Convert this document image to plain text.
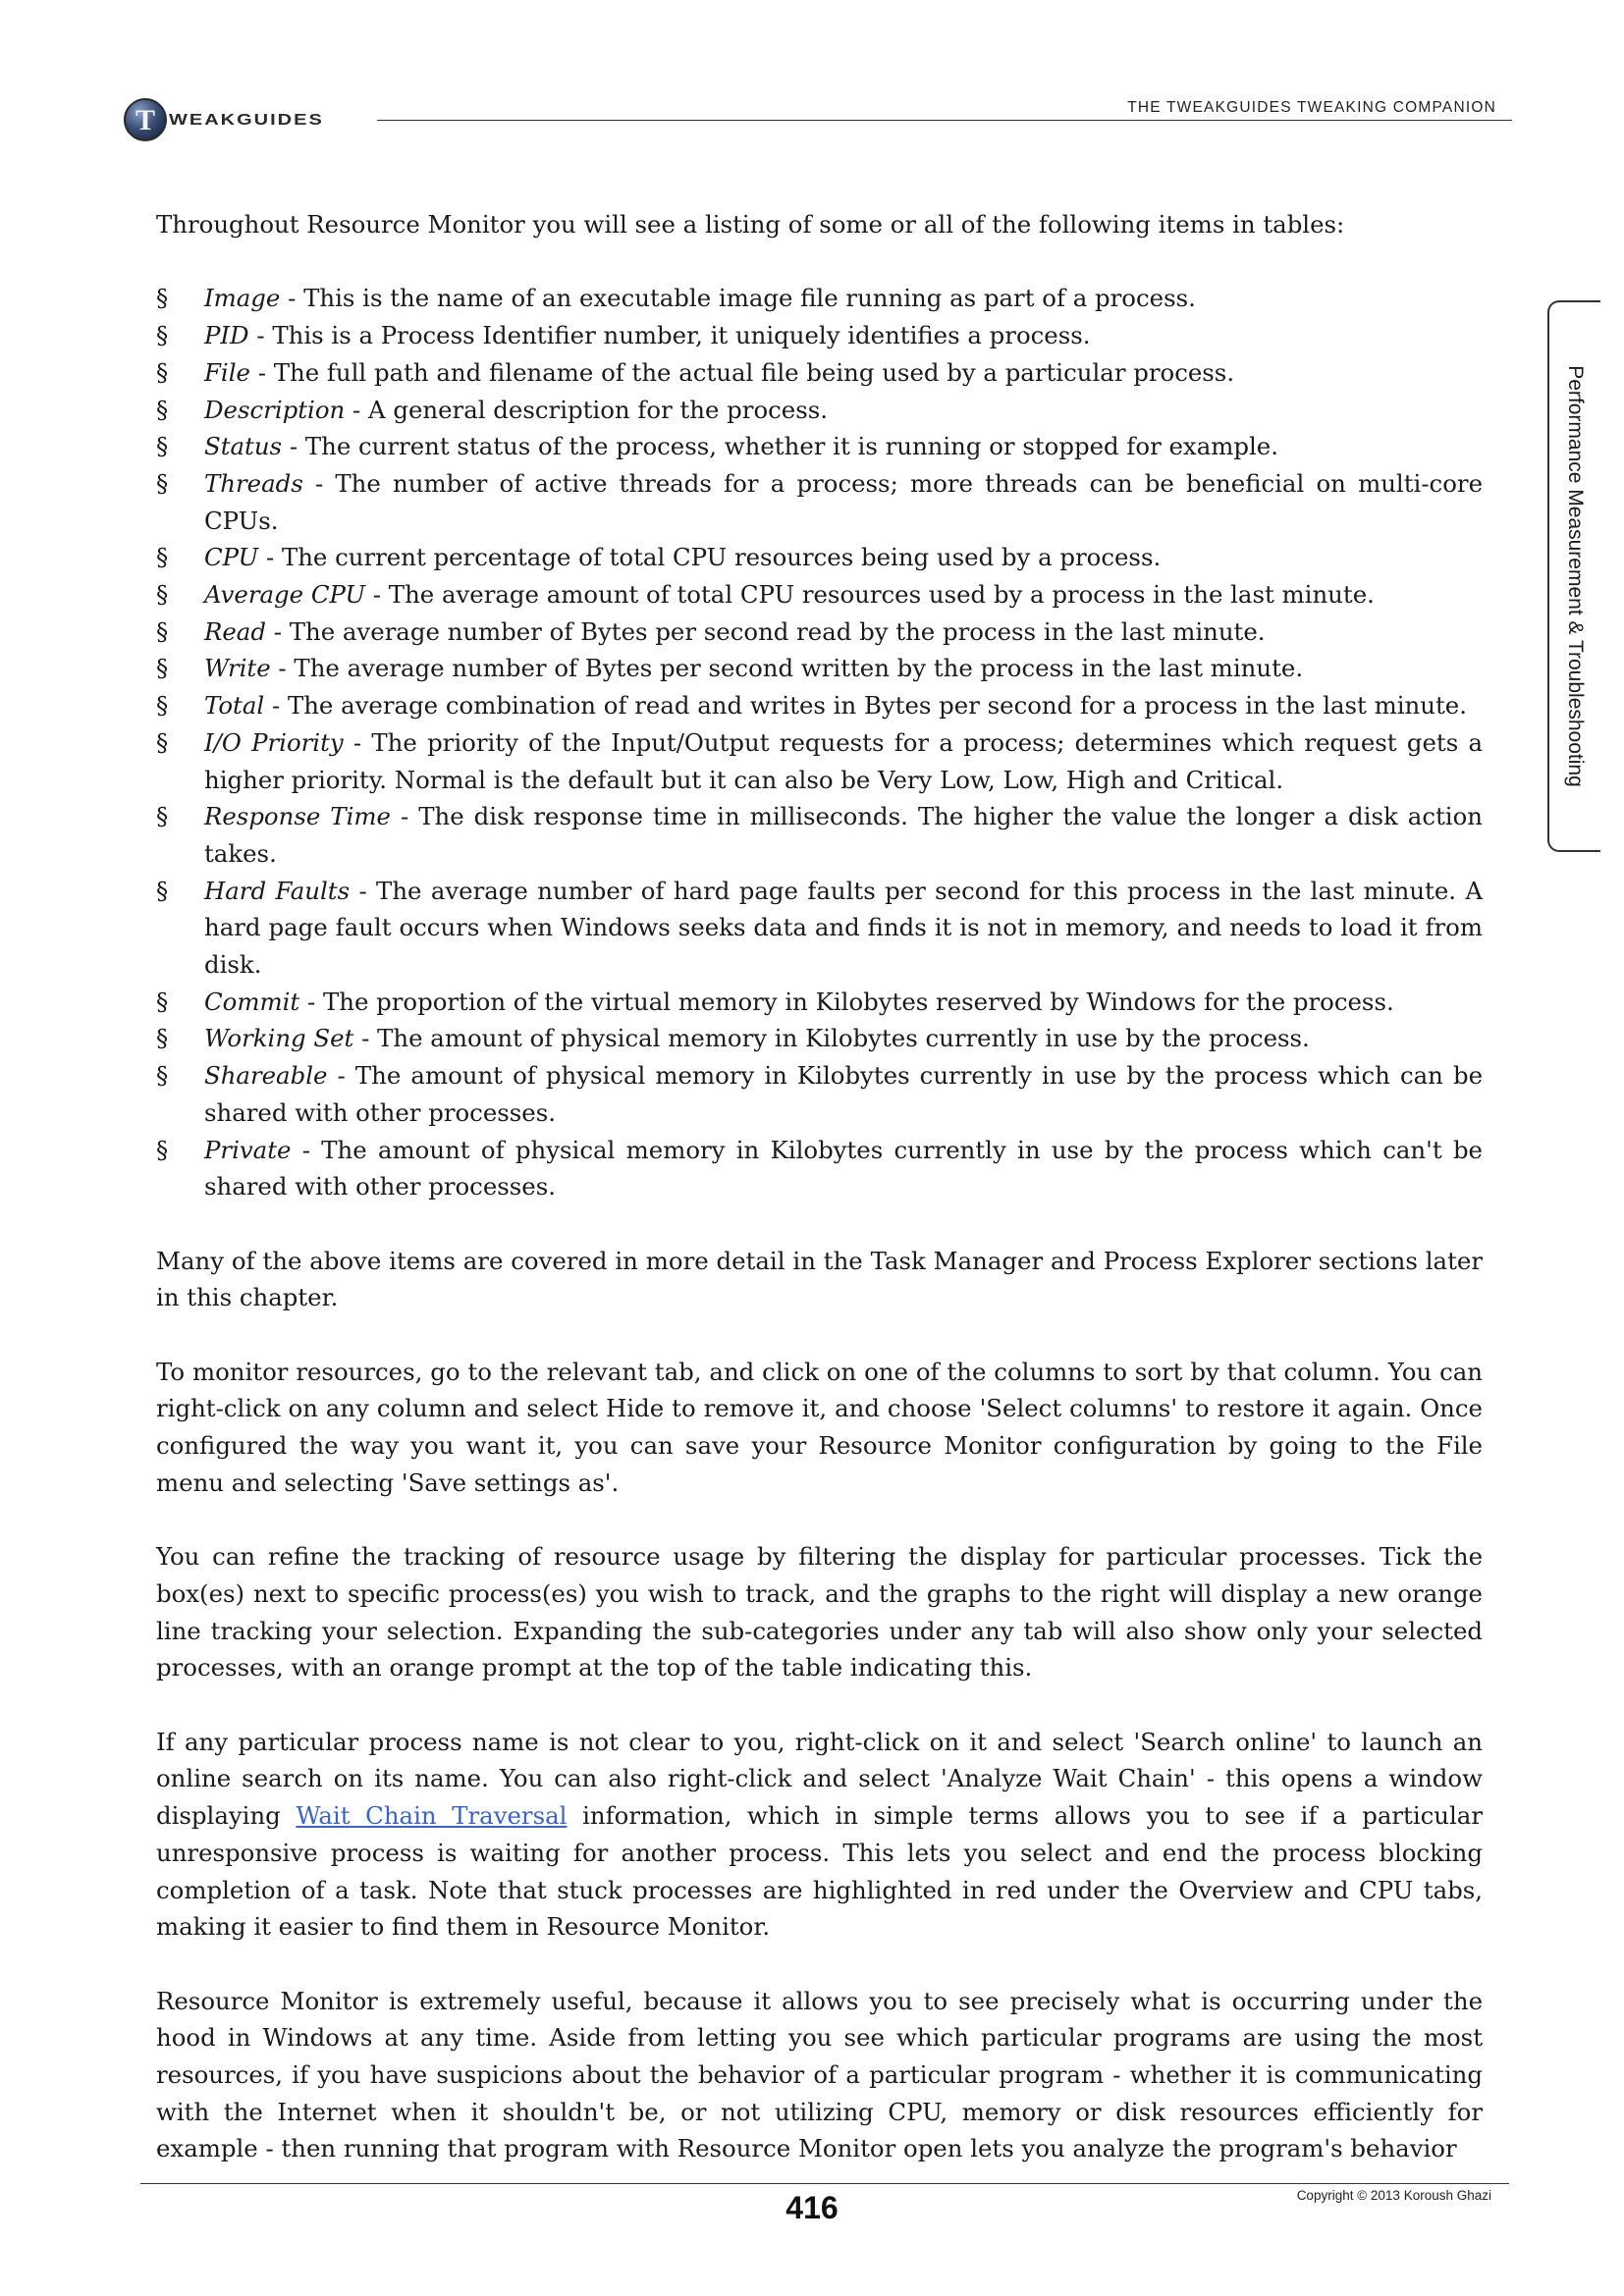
T WEAKGUIDES
THE TWEAKGUIDES TWEAKING COMPANION
Performance Measurement & Troubleshooting

Throughout Resource Monitor you will see a listing of some or all of the following items in tables:

§ Image - This is the name of an executable image file running as part of a process.
§ PID - This is a Process Identifier number, it uniquely identifies a process.
§ File - The full path and filename of the actual file being used by a particular process.
§ Description - A general description for the process.
§ Status - The current status of the process, whether it is running or stopped for example.
§ Threads - The number of active threads for a process; more threads can be beneficial on multi-core CPUs.
§ CPU - The current percentage of total CPU resources being used by a process.
§ Average CPU - The average amount of total CPU resources used by a process in the last minute.
§ Read - The average number of Bytes per second read by the process in the last minute.
§ Write - The average number of Bytes per second written by the process in the last minute.
§ Total - The average combination of read and writes in Bytes per second for a process in the last minute.
§ I/O Priority - The priority of the Input/Output requests for a process; determines which request gets a higher priority. Normal is the default but it can also be Very Low, Low, High and Critical.
§ Response Time - The disk response time in milliseconds. The higher the value the longer a disk action takes.
§ Hard Faults - The average number of hard page faults per second for this process in the last minute. A hard page fault occurs when Windows seeks data and finds it is not in memory, and needs to load it from disk.
§ Commit - The proportion of the virtual memory in Kilobytes reserved by Windows for the process.
§ Working Set - The amount of physical memory in Kilobytes currently in use by the process.
§ Shareable - The amount of physical memory in Kilobytes currently in use by the process which can be shared with other processes.
§ Private - The amount of physical memory in Kilobytes currently in use by the process which can't be shared with other processes.

Many of the above items are covered in more detail in the Task Manager and Process Explorer sections later in this chapter.

To monitor resources, go to the relevant tab, and click on one of the columns to sort by that column. You can right-click on any column and select Hide to remove it, and choose 'Select columns' to restore it again. Once configured the way you want it, you can save your Resource Monitor configuration by going to the File menu and selecting 'Save settings as'.

You can refine the tracking of resource usage by filtering the display for particular processes. Tick the box(es) next to specific process(es) you wish to track, and the graphs to the right will display a new orange line tracking your selection. Expanding the sub-categories under any tab will also show only your selected processes, with an orange prompt at the top of the table indicating this.

If any particular process name is not clear to you, right-click on it and select 'Search online' to launch an online search on its name. You can also right-click and select 'Analyze Wait Chain' - this opens a window displaying Wait Chain Traversal information, which in simple terms allows you to see if a particular unresponsive process is waiting for another process. This lets you select and end the process blocking completion of a task. Note that stuck processes are highlighted in red under the Overview and CPU tabs, making it easier to find them in Resource Monitor.

Resource Monitor is extremely useful, because it allows you to see precisely what is occurring under the hood in Windows at any time. Aside from letting you see which particular programs are using the most resources, if you have suspicions about the behavior of a particular program - whether it is communicating with the Internet when it shouldn't be, or not utilizing CPU, memory or disk resources efficiently for example - then running that program with Resource Monitor open lets you analyze the program's behavior

416	Copyright © 2013 Koroush Ghazi
